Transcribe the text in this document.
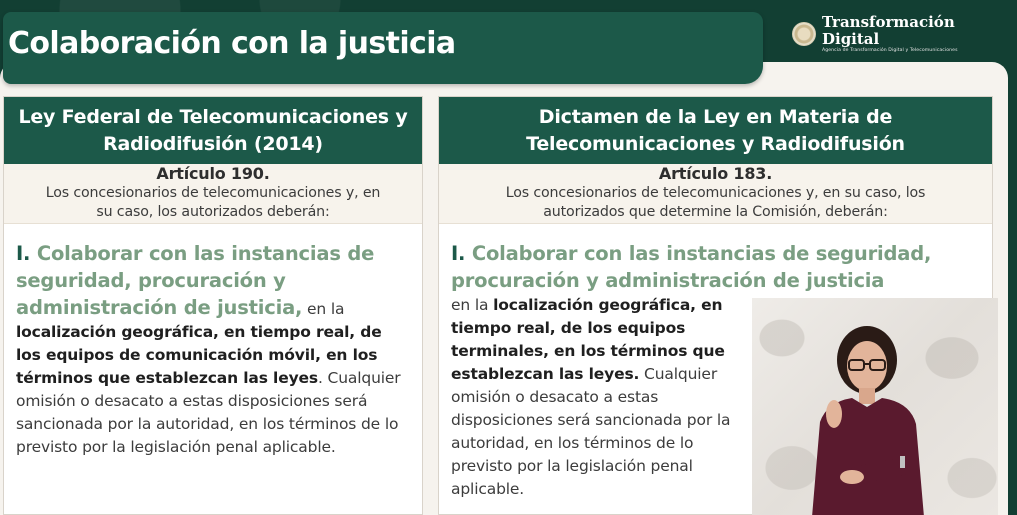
Transformación Digital
Agencia de Transformación Digital y Telecomunicaciones
Colaboración con la justicia
Ley Federal de Telecomunicaciones y Radiodifusión (2014)
Artículo 190.
Los concesionarios de telecomunicaciones y, en su caso, los autorizados deberán:
I. Colaborar con las instancias de seguridad, procuración y administración de justicia, en la
localización geográfica, en tiempo real, de los equipos de comunicación móvil, en los términos que establezcan las leyes. Cualquier omisión o desacato a estas disposiciones será sancionada por la autoridad, en los términos de lo previsto por la legislación penal aplicable.
Dictamen de la Ley en Materia de Telecomunicaciones y Radiodifusión
Artículo 183.
Los concesionarios de telecomunicaciones y, en su caso, los autorizados que determine la Comisión, deberán:
I. Colaborar con las instancias de seguridad, procuración y administración de justicia
en la localización geográfica, en tiempo real, de los equipos terminales, en los términos que establezcan las leyes. Cualquier omisión o desacato a estas disposiciones será sancionada por la autoridad, en los términos de lo previsto por la legislación penal aplicable.
